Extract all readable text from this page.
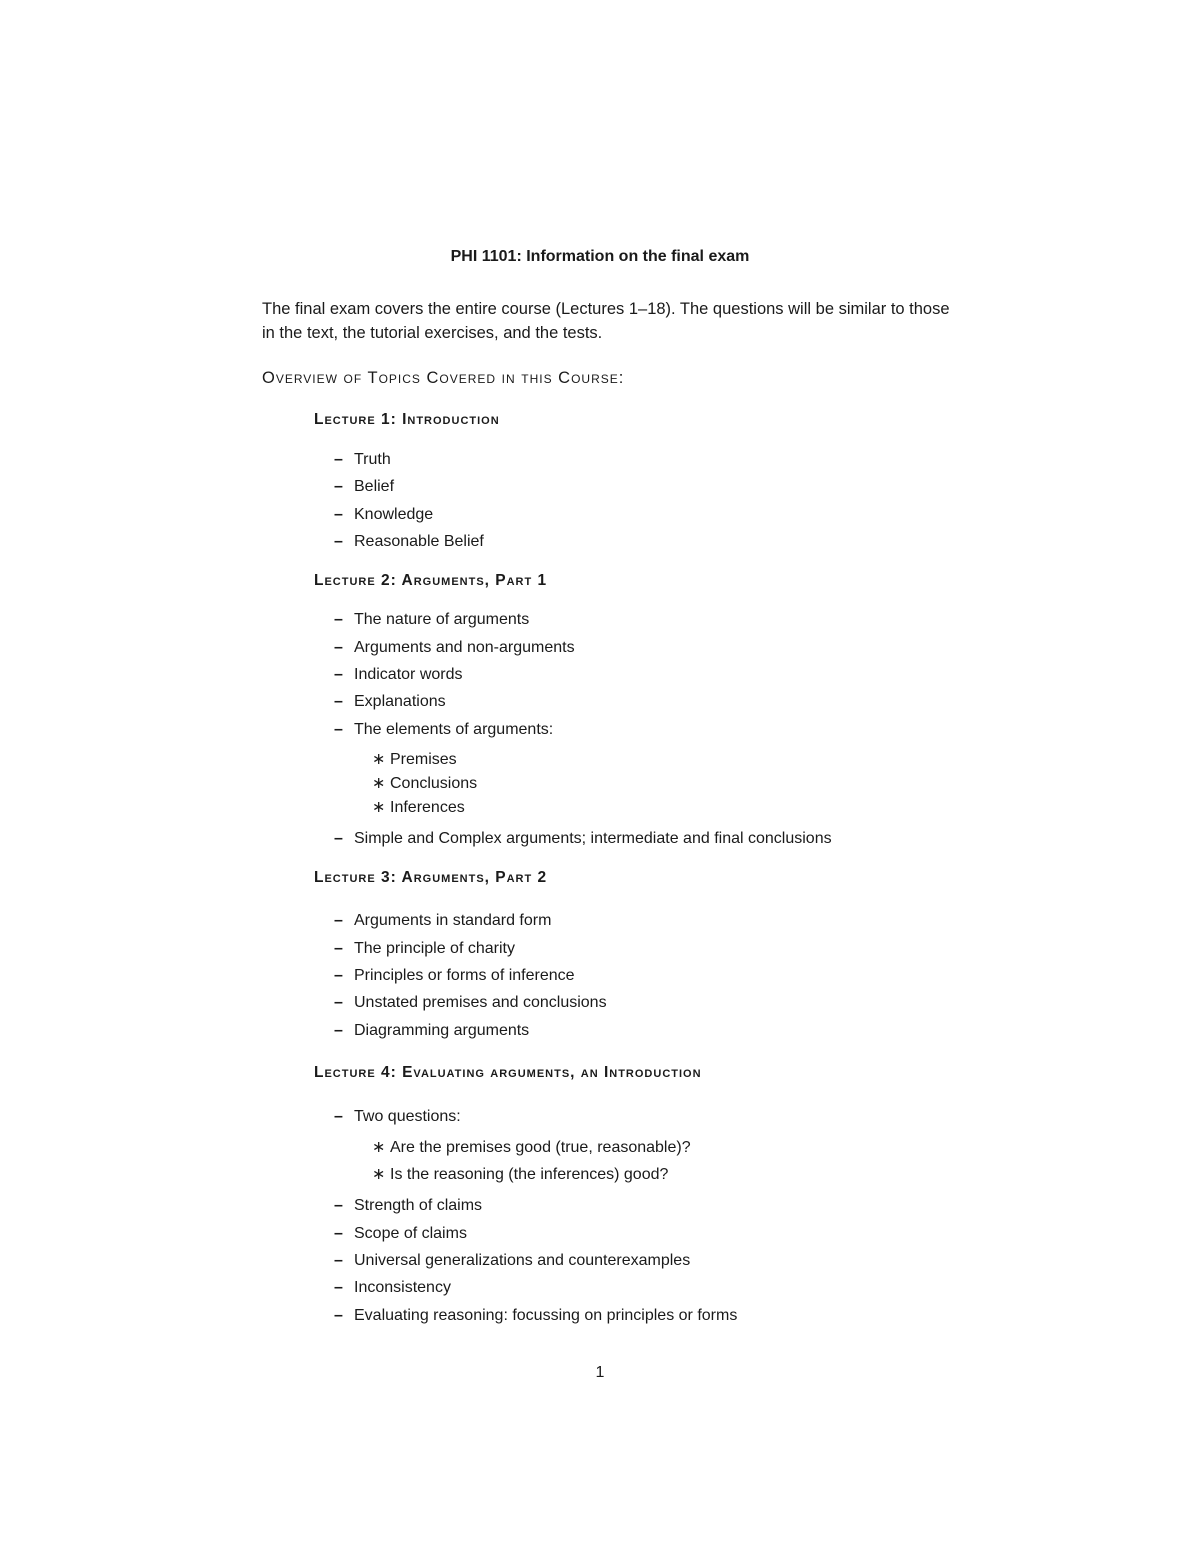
PHI 1101: Information on the final exam
The final exam covers the entire course (Lectures 1–18). The questions will be similar to those in the text, the tutorial exercises, and the tests.
Overview of Topics Covered in this Course:
Lecture 1: Introduction
– Truth
– Belief
– Knowledge
– Reasonable Belief
Lecture 2: Arguments, Part 1
– The nature of arguments
– Arguments and non-arguments
– Indicator words
– Explanations
– The elements of arguments:
∗ Premises
∗ Conclusions
∗ Inferences
– Simple and Complex arguments; intermediate and final conclusions
Lecture 3: Arguments, Part 2
– Arguments in standard form
– The principle of charity
– Principles or forms of inference
– Unstated premises and conclusions
– Diagramming arguments
Lecture 4: Evaluating arguments, an Introduction
– Two questions:
∗ Are the premises good (true, reasonable)?
∗ Is the reasoning (the inferences) good?
– Strength of claims
– Scope of claims
– Universal generalizations and counterexamples
– Inconsistency
– Evaluating reasoning: focussing on principles or forms
1
